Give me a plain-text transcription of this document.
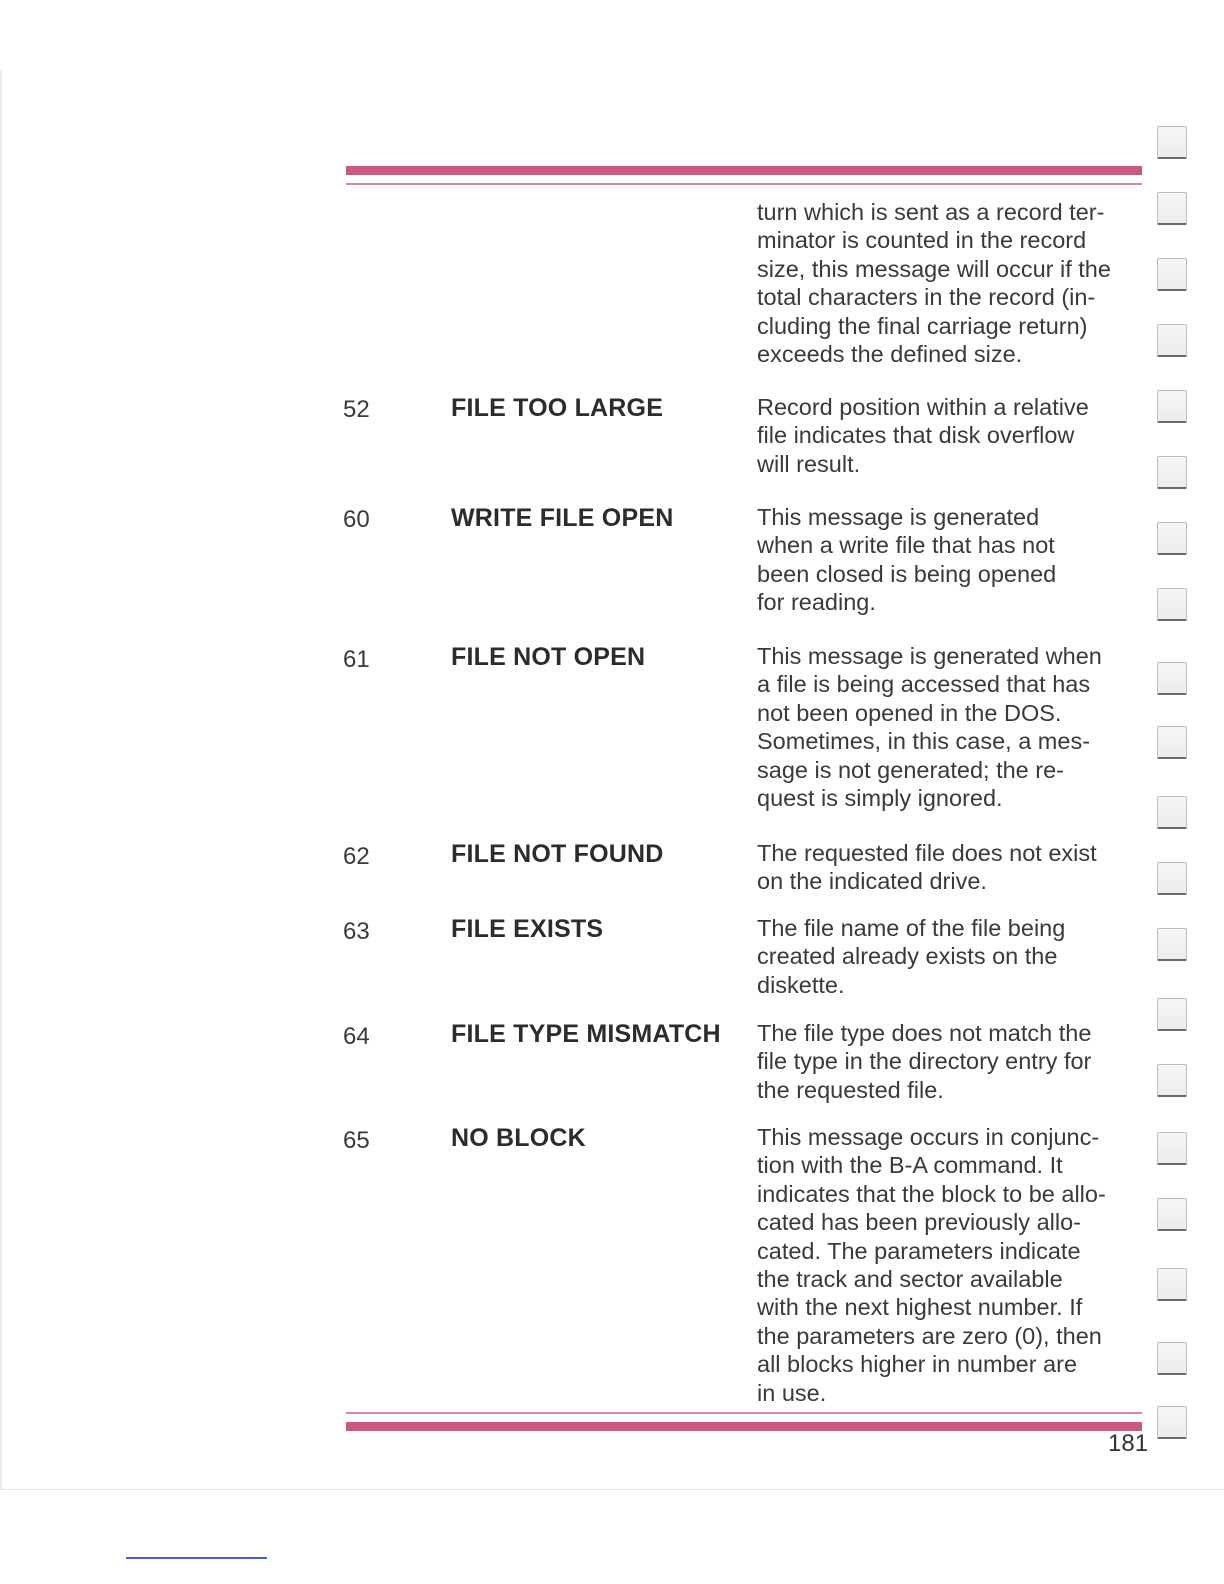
turn which is sent as a record ter-
minator is counted in the record
size, this message will occur if the
total characters in the record (in-
cluding the final carriage return)
exceeds the defined size.
52	FILE TOO LARGE	Record position within a relative
file indicates that disk overflow
will result.
60	WRITE FILE OPEN	This message is generated
when a write file that has not
been closed is being opened
for reading.
61	FILE NOT OPEN	This message is generated when
a file is being accessed that has
not been opened in the DOS.
Sometimes, in this case, a mes-
sage is not generated; the re-
quest is simply ignored.
62	FILE NOT FOUND	The requested file does not exist
on the indicated drive.
63	FILE EXISTS	The file name of the file being
created already exists on the
diskette.
64	FILE TYPE MISMATCH The file type does not match the
file type in the directory entry for
the requested file.
65	NO BLOCK	This message occurs in conjunc-
tion with the B-A command. It
indicates that the block to be allo-
cated has been previously allo-
cated. The parameters indicate
the track and sector available
with the next highest number. If
the parameters are zero (0), then
all blocks higher in number are
in use.
181
